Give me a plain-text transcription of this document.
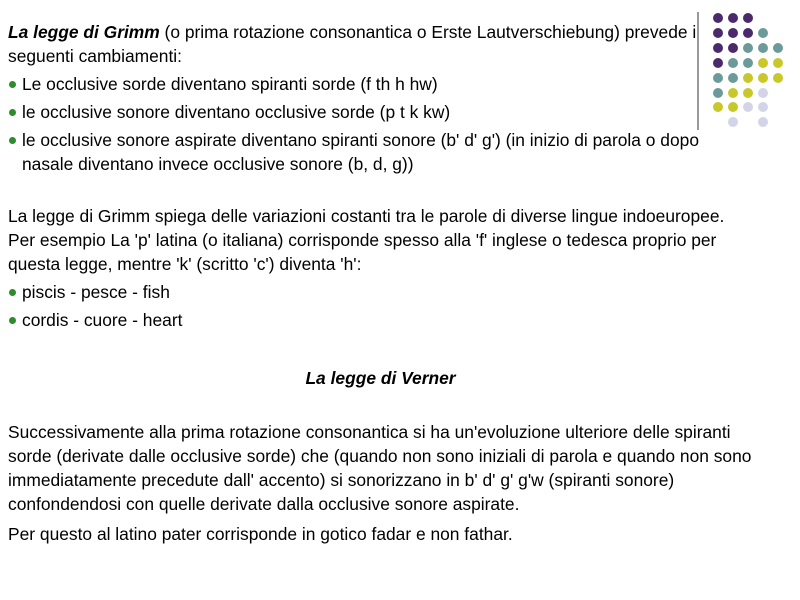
La legge di Grimm (o prima rotazione consonantica o Erste Lautverschiebung) prevede i seguenti cambiamenti:

Le occlusive sorde diventano spiranti sorde (f th h hw)

le occlusive sonore diventano occlusive sorde (p t k kw)

le occlusive sonore aspirate diventano spiranti sonore (b' d' g') (in inizio di parola o dopo nasale diventano invece occlusive sonore (b, d, g))

La legge di Grimm spiega delle variazioni costanti tra le parole di diverse lingue indoeuropee. Per esempio La 'p' latina (o italiana) corrisponde spesso alla 'f' inglese o tedesca proprio per questa legge, mentre 'k' (scritto 'c') diventa 'h':

piscis - pesce - fish

cordis - cuore - heart

La legge di Verner

Successivamente alla prima rotazione consonantica si ha un'evoluzione ulteriore delle spiranti sorde (derivate dalle occlusive sorde) che (quando non sono iniziali di parola e quando non sono immediatamente precedute dall' accento) si sonorizzano in b' d' g' g'w (spiranti sonore) confondendosi con quelle derivate dalla occlusive sonore aspirate.

Per questo al latino pater corrisponde in gotico fadar e non fathar.
